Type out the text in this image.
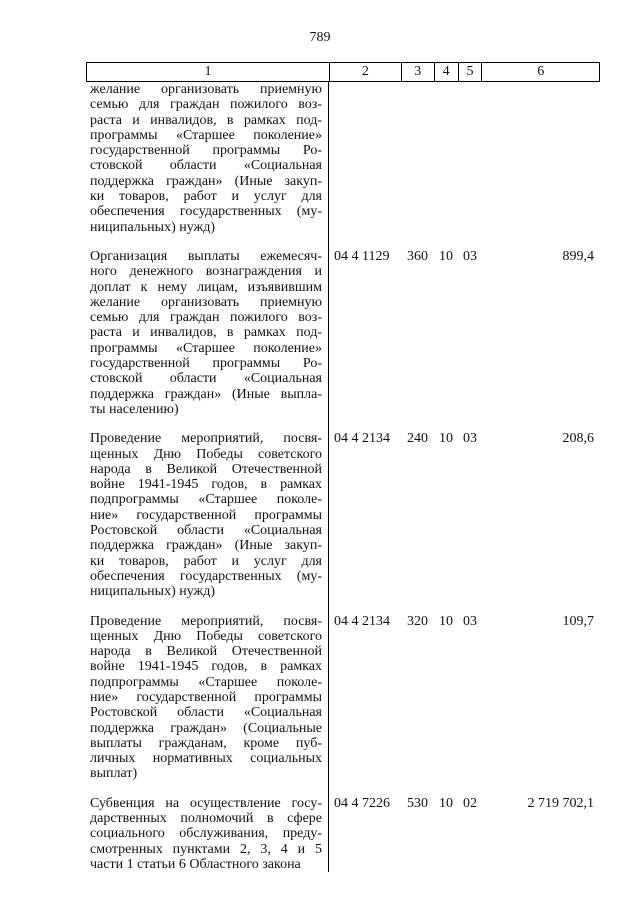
789
1	2	3	4	5	6
желание организовать приемную
семью для граждан пожилого воз-
раста и инвалидов, в рамках под-
программы «Старшее поколение»
государственной программы Ро-
стовской области «Социальная
поддержка граждан» (Иные закуп-
ки товаров, работ и услуг для
обеспечения государственных (му-
ниципальных) нужд)
Организация выплаты ежемесяч-
ного денежного вознаграждения и
доплат к нему лицам, изъявившим
желание организовать приемную
семью для граждан пожилого воз-
раста и инвалидов, в рамках под-
программы «Старшее поколение»
государственной программы Ро-
стовской области «Социальная
поддержка граждан» (Иные выпла-
ты населению)
04 4 1129	360 10 03	899,4
Проведение мероприятий, посвя-
щенных Дню Победы советского
народа в Великой Отечественной
войне 1941-1945 годов, в рамках
подпрограммы «Старшее поколе-
ние» государственной программы
Ростовской области «Социальная
поддержка граждан» (Иные закуп-
ки товаров, работ и услуг для
обеспечения государственных (му-
ниципальных) нужд)
04 4 2134	240 10 03	208,6
Проведение мероприятий, посвя-
щенных Дню Победы советского
народа в Великой Отечественной
войне 1941-1945 годов, в рамках
подпрограммы «Старшее поколе-
ние» государственной программы
Ростовской области «Социальная
поддержка граждан» (Социальные
выплаты гражданам, кроме пуб-
личных нормативных социальных
выплат)
04 4 2134	320 10 03	109,7
Субвенция на осуществление госу-
дарственных полномочий в сфере
социального обслуживания, преду-
смотренных пунктами 2, 3, 4 и 5
части 1 статьи 6 Областного закона
04 4 7226	530 10 02	2 719 702,1
